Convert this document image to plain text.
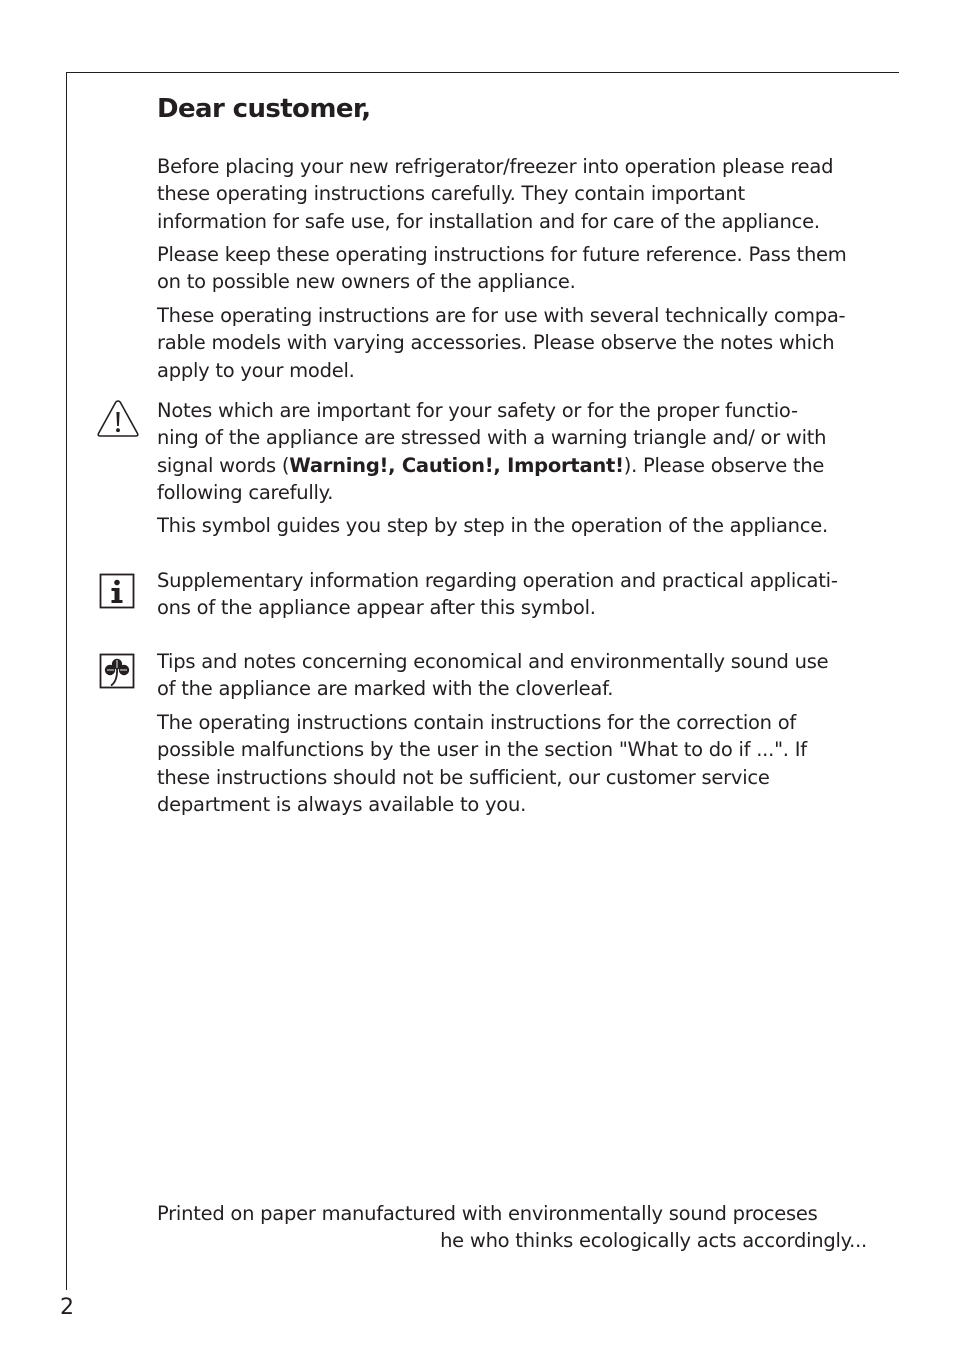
Dear customer,

Before placing your new refrigerator/freezer into operation please read
these operating instructions carefully. They contain important
information for safe use, for installation and for care of the appliance.

Please keep these operating instructions for future reference. Pass them
on to possible new owners of the appliance.

These operating instructions are for use with several technically compa-
rable models with varying accessories. Please observe the notes which
apply to your model.

Notes which are important for your safety or for the proper functio-
ning of the appliance are stressed with a warning triangle and/ or with
signal words (Warning!, Caution!, Important!). Please observe the
following carefully.

This symbol guides you step by step in the operation of the appliance.

Supplementary information regarding operation and practical applicati-
ons of the appliance appear after this symbol.

Tips and notes concerning economical and environmentally sound use
of the appliance are marked with the cloverleaf.

The operating instructions contain instructions for the correction of
possible malfunctions by the user in the section "What to do if ...". If
these instructions should not be sufficient, our customer service
department is always available to you.

Printed on paper manufactured with environmentally sound proceses
he who thinks ecologically acts accordingly...
2
